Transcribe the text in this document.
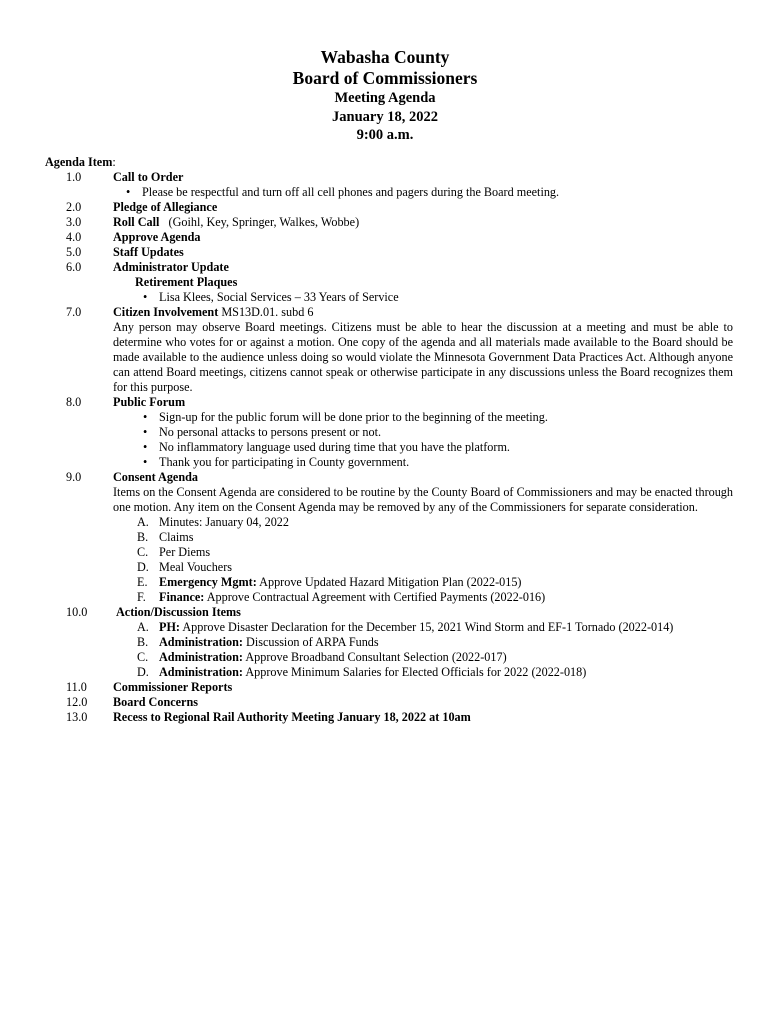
Wabasha County
Board of Commissioners
Meeting Agenda
January 18, 2022
9:00 a.m.
Agenda Item:
1.0	Call to Order
• Please be respectful and turn off all cell phones and pagers during the Board meeting.
2.0	Pledge of Allegiance
3.0	Roll Call (Goihl, Key, Springer, Walkes, Wobbe)
4.0	Approve Agenda
5.0	Staff Updates
6.0	Administrator Update
Retirement Plaques
• Lisa Klees, Social Services – 33 Years of Service
7.0	Citizen Involvement MS13D.01. subd 6
Any person may observe Board meetings. Citizens must be able to hear the discussion at a meeting and must be able to determine who votes for or against a motion. One copy of the agenda and all materials made available to the Board should be made available to the audience unless doing so would violate the Minnesota Government Data Practices Act. Although anyone can attend Board meetings, citizens cannot speak or otherwise participate in any discussions unless the Board recognizes them for this purpose.
8.0	Public Forum
• Sign-up for the public forum will be done prior to the beginning of the meeting.
• No personal attacks to persons present or not.
• No inflammatory language used during time that you have the platform.
• Thank you for participating in County government.
9.0	Consent Agenda
Items on the Consent Agenda are considered to be routine by the County Board of Commissioners and may be enacted through one motion. Any item on the Consent Agenda may be removed by any of the Commissioners for separate consideration.
A. Minutes: January 04, 2022
B. Claims
C. Per Diems
D. Meal Vouchers
E. Emergency Mgmt: Approve Updated Hazard Mitigation Plan (2022-015)
F. Finance: Approve Contractual Agreement with Certified Payments (2022-016)
10.0 Action/Discussion Items
A. PH: Approve Disaster Declaration for the December 15, 2021 Wind Storm and EF-1 Tornado (2022-014)
B. Administration: Discussion of ARPA Funds
C. Administration: Approve Broadband Consultant Selection (2022-017)
D. Administration: Approve Minimum Salaries for Elected Officials for 2022 (2022-018)
11.0 Commissioner Reports
12.0 Board Concerns
13.0 Recess to Regional Rail Authority Meeting January 18, 2022 at 10am
